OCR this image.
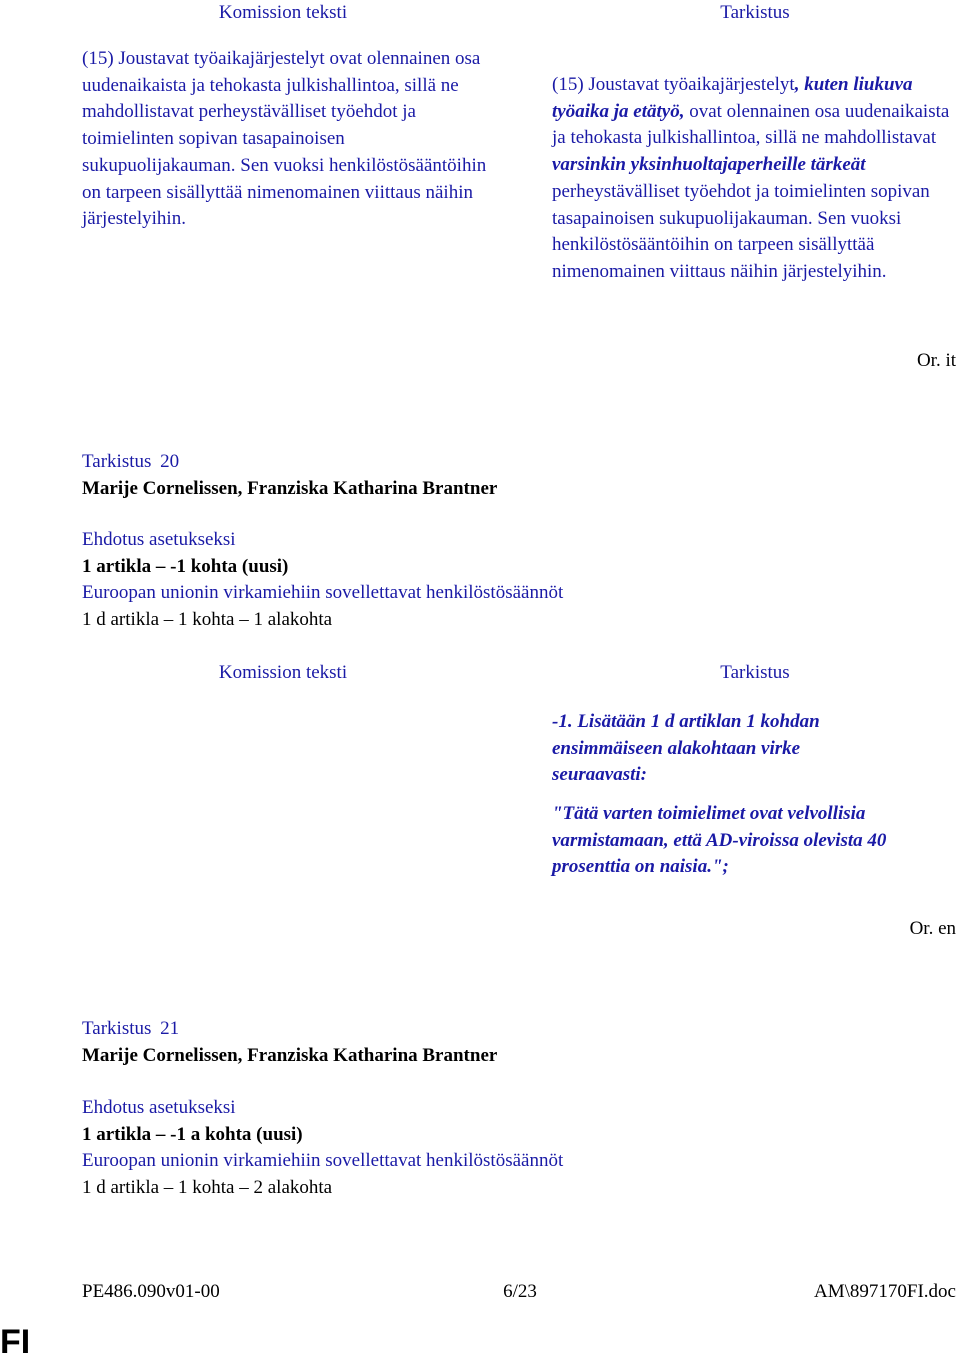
Komission teksti	Tarkistus

(15) Joustavat työaikajärjestelyt ovat olennainen osa uudenaikaista ja tehokasta julkishallintoa, sillä ne mahdollistavat perheystävälliset työehdot ja toimielinten sopivan tasapainoisen sukupuolijakauman. Sen vuoksi henkilöstösääntöihin on tarpeen sisällyttää nimenomainen viittaus näihin järjestelyihin.

(15) Joustavat työaikajärjestelyt, kuten liukuva työaika ja etätyö, ovat olennainen osa uudenaikaista ja tehokasta julkishallintoa, sillä ne mahdollistavat varsinkin yksinhuoltajaperheille tärkeät perheystävälliset työehdot ja toimielinten sopivan tasapainoisen sukupuolijakauman. Sen vuoksi henkilöstösääntöihin on tarpeen sisällyttää nimenomainen viittaus näihin järjestelyihin.

Or. it
Tarkistus 20
Marije Cornelissen, Franziska Katharina Brantner
Ehdotus asetukseksi
1 artikla – -1 kohta (uusi)
Euroopan unionin virkamiehiin sovellettavat henkilöstösäännöt
1 d artikla – 1 kohta – 1 alakohta
Komission teksti	Tarkistus

-1. Lisätään 1 d artiklan 1 kohdan ensimmäiseen alakohtaan virke seuraavasti:

"Tätä varten toimielimet ovat velvollisia varmistamaan, että AD-viroissa olevista 40 prosenttia on naisia.";

Or. en
Tarkistus 21
Marije Cornelissen, Franziska Katharina Brantner
Ehdotus asetukseksi
1 artikla – -1 a kohta (uusi)
Euroopan unionin virkamiehiin sovellettavat henkilöstösäännöt
1 d artikla – 1 kohta – 2 alakohta
PE486.090v01-00	6/23	AM\897170FI.doc
FI
